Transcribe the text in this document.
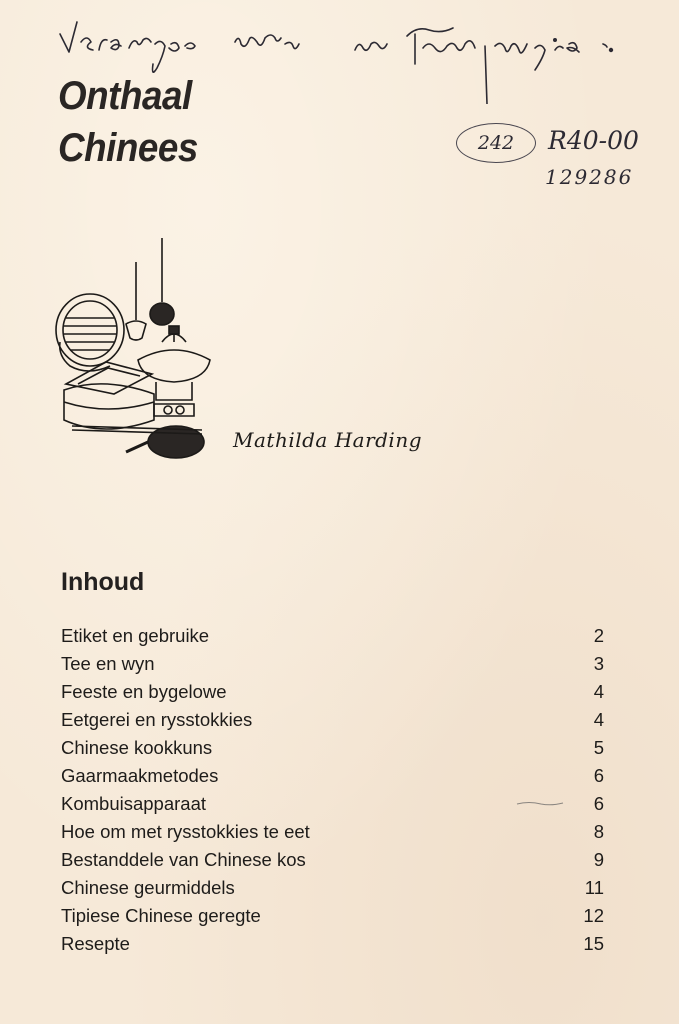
Onthaal
Chinees	242	R40-00
129286
Mathilda Harding
Inhoud
Etiket en gebruike	2
Tee en wyn	3
Feeste en bygelowe	4
Eetgerei en rysstokkies	4
Chinese kookkuns	5
Gaarmaakmetodes	6
Kombuisapparaat	6
Hoe om met rysstokkies te eet	8
Bestanddele van Chinese kos	9
Chinese geurmiddels	11
Tipiese Chinese geregte	12
Resepte	15
